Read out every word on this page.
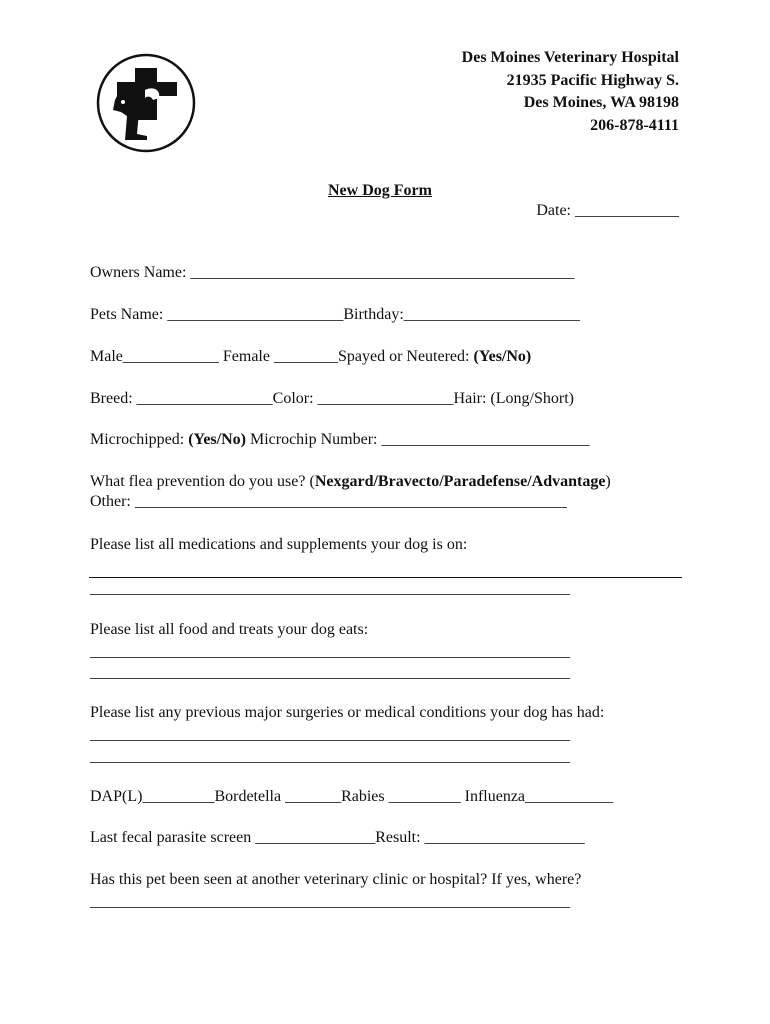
Des Moines Veterinary Hospital
21935 Pacific Highway S.
Des Moines, WA 98198
206-878-4111
New Dog Form
Date: _____________
Owners Name: ________________________________________________
Pets Name: ______________________Birthday:______________________
Male____________ Female ________Spayed or Neutered: (Yes/No)
Breed: _________________Color: _________________Hair: (Long/Short)
Microchipped: (Yes/No) Microchip Number: __________________________
What flea prevention do you use? (Nexgard/Bravecto/Paradefense/Advantage)
Other: ______________________________________________________
Please list all medications and supplements your dog is on:
____________________________________________________________
Please list all food and treats your dog eats:
____________________________________________________________
____________________________________________________________
Please list any previous major surgeries or medical conditions your dog has had:
____________________________________________________________
____________________________________________________________
DAP(L)_________Bordetella _______Rabies _________ Influenza___________
Last fecal parasite screen _______________Result: ____________________
Has this pet been seen at another veterinary clinic or hospital? If yes, where?
____________________________________________________________
